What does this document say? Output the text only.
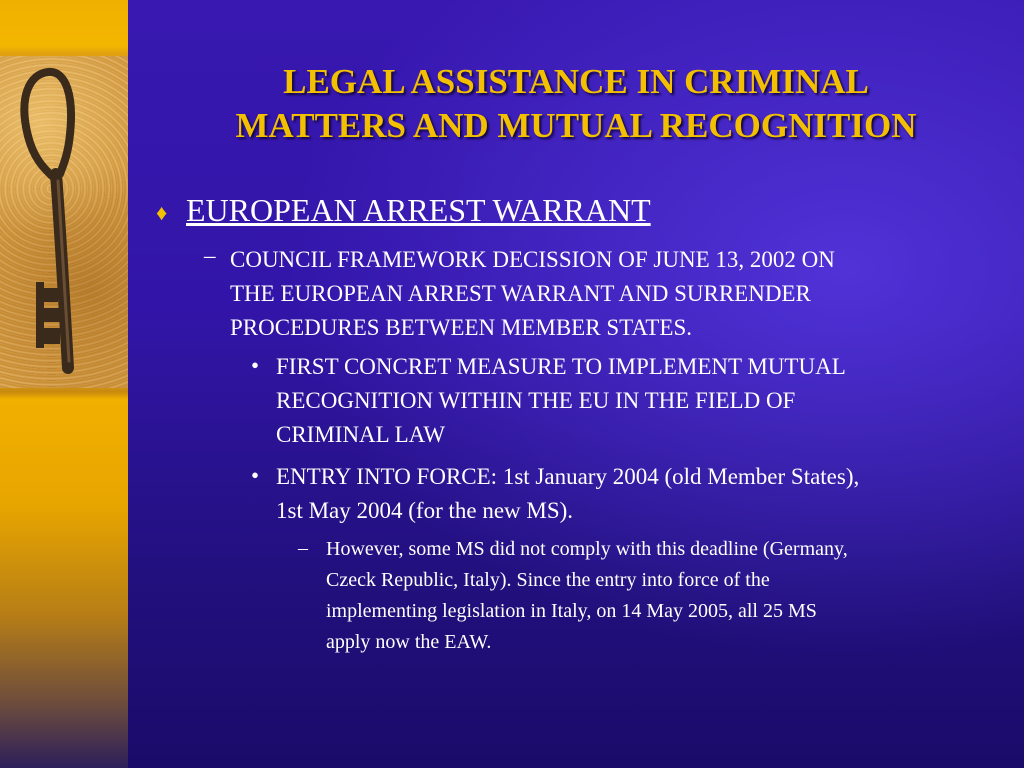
LEGAL ASSISTANCE IN CRIMINAL
MATTERS AND MUTUAL RECOGNITION
♦ EUROPEAN ARREST WARRANT
– COUNCIL FRAMEWORK DECISSION OF JUNE 13, 2002 ON
THE EUROPEAN ARREST WARRANT AND SURRENDER
PROCEDURES BETWEEN MEMBER STATES.
• FIRST CONCRET MEASURE TO IMPLEMENT MUTUAL
RECOGNITION WITHIN THE EU IN THE FIELD OF
CRIMINAL LAW
• ENTRY INTO FORCE: 1st January 2004 (old Member States),
1st May 2004 (for the new MS).
– However, some MS did not comply with this deadline (Germany,
Czeck Republic, Italy). Since the entry into force of the
implementing legislation in Italy, on 14 May 2005, all 25 MS
apply now the EAW.
